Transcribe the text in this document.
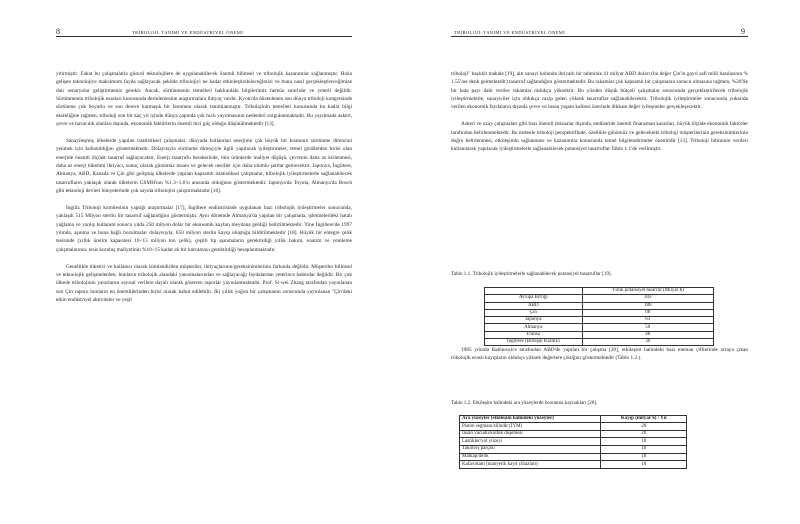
8	TRİBOLOJİ: TANIMI VE ENDÜSTRİYEL ÖNEMİ

yitirmiştir. Fakat bu çalışmalarla güncel teknolojilere de uygulanabilecek önemli bilimsel ve tribolojik kazanımlar sağlanmıştır. Hızla gelişen teknolojiye maksimum fayda sağlayacak şekilde tribolojiyi ne kadar etkinleştirebileceğimizi ve bunu nasıl gerçekleştireceğimize dair senaryolar geliştirmemiz gerekir. Ancak, sürtünmenin temelleri hakkındaki bilgilerimiz hemüz sınırlıdır ve yeterli değildir. Sürtünmenin tribolojik esasları konusunda derinlemesine araştırmalara ihtiyaç vardır. Kyoto'da düzenlenen son dünya triboloji kongresinde sürtünme çok boyutlu ve son derece karmaşık bir fenomen olarak tanımlanmıştır. Tribolojinin temelleri konusunda bu kadar bilgi eksikliğine rağmen, triboloji son bir kaç yıl içinde dünya çapında çok hızlı yayılmasının nedenleri sorgulanmaktadır. Bu yayılmada askeri, çevre ve havacılık alanları dışında, ekonomik faktörlerin önemli itici güç olduğu düşünülmektedir [13].

Sanayileşmiş ülkelerde yapılan istatistiksel çalışmalar, dünyada kullanılan enerjinin çok büyük bir kısmının sürtünme direncini yenmek için kullanıldığını göstermektedir. Dolayısıyla sürtünme dirençiyle ilgili yapılacak iyileştirmeler, temel girdilerden birisi olan enerjide önemli ölçüde tasarruf sağlayacaktır. Enerji tasarrufu beraberinde, tüm ürünlerde maliyet düşüşü, çevrenin daha az kirlenmesi, daha az enerji tüketimi ihtiyacı, sonuç olarak günümüz insanı ve gelecek nesiller için daha olumlu şartlar getirecektir. Japonya, İngiltere, Almanya, ABD, Kanada ve Çin gibi gelişmiş ülkelerde yapılan kapsamlı istatistiksel çalışmalar, tribolojik iyileştirmelerle sağlanabilecek tasarrufların yaklaşık olarak ülkelerin GSMH'nın %1.3÷1.6'sı arasında olduğunu göstermektedir. Japonya'da Toyota, Almanya'da Bosch gibi teknoloji devleri bünyelerinde çok sayıda tribolojist çalıştırmaktadır [16].

İngiliz Triboloji komitesinin yaptığı araştırmalar [17], İngiltere endüstrisinde uygulanan bazı tribolojik iyileştirmeler sonucunda, yaklaşık 515 Milyon sterlin bir tasarruf sağlandığını göstermiştir. Aynı dönemde Almanya'da yapılan bir çalışmada, işletmelerdeki hatalı yağlama ve yanlış kullanım sonucu yılda 250 milyon dolar bir ekonomik kaybın meydana geldiği belirtilmektedir. Yine İngiltere'de 1997 yılında, aşınma ve buna bağlı bozulmalar dolayısıyla, 650 milyon sterlin kayıp oluştuğu bildirilmektedir [18]. Büyük bir entegre çelik tesisinde (yıllık üretim kapasitesi 10÷15 milyon ton çelik), çeşitli tip aşınmaların gerektirdiği yıllık bakım, onarım ve yenileme çalışmalarının, tesis kuruluş maliyetinin %10÷15 kadar ek bir harcamayı gerektirdiği hesaplanmaktadır.

Genellikle tüketici ve kullanıcı olarak isimlendirilen müşteriler, ihtiyaçlarının/gereksinimlerinin farkında değildir. Müşteriler bilimsel ve teknolojik gelişmelerden, bunların tribolojik alandaki yansımalarından ve sağlayacağı faydalardan yeterince haberdar değildir. Bir çok ülkede tribolojinin yararlarını sayısal verilere dayalı olarak gösteren raporlar yayınlanmaktadır. Prof. Si-wei Zhang tarafından yayınlanan son Çin raporu bunların en önemlilerinden birisi olarak kabul edilebilir. İki yıllık yoğun bir çalışmanın sonucunda yayınlanan "Çin'deki etkin endüstriyel aktiviteler ve yeşil

TRİBOLOJİ: TANIMI VE ENDÜSTRİYEL ÖNEMİ	9

triboloji" başlıklı makale [19], altı sanayi kolunda ihtiyatlı bir tahminle 41 milyar ABD doları (bu değer Çin'in gayri safi milli hasılasının % 1.55'ine denk gelmektedir) tasarruf sağlandığını göstermektedir. Bu rakamlar çok kapsamlı bir çalışmanın sonucu olmasına rağmen, %20'lik bir hata payı dahi verilse rakamlar oldukça yüksektir. Bu yüzden düşük bütçeli çalışmalar sonucunda gerçekleştirilecek tribolojik iyileştirmelerle, sanayiciler için oldukça cazip gelen yüksek tasarruflar sağlanabilecektir. Tribolojik iyileştirmeler sonucunda yukarıda verilen ekonomik faydaların dışında çevre ve insan yaşam kalitesi üzerinde dikkate değer iyileşmeler gerçekleşecektir.

Askeri ve uzay çalışmaları gibi bazı önemli istisnalar dışında, endüstride önemli finansman kararları, büyük ölçüde ekonomik faktörler tarafından belirlenmektedir. Bu nedenle triboloji perspektifinde, özellikle günümüz ve gelecekteki triboloji müşterilerinin gereksinimlerinin doğru belirlenmesi, etkileşimin sağlanması ve kazanımlar konusunda temel bilgilendirmeler önemlidir [13]. Triboloji biliminin verileri kullanılarak yapılacak iyileştirmelerle sağlanabilecek potansiyel tasarruflar Tablo 1.1'de verilmiştir.

Tablo 1.1. Tribolojik iyileştirmelerle sağlanabilecek potansiyel tasarruflar [19].
	Yıllık potansiyel tasarruf (Milyar $)
Avrupa Birliği	303
ABD	186
Çin	68
Japonya	63
Almanya	50
Fransa	48
İngiltere (Birleşik Krallık)	36

1985 yılında Rabinowics tarafından ABD'de yapılan bir çalışma [20], etkileşim halindeki bazı eleman çiftlerinde ortaya çıkan tribolojik esaslı kayıpların oldukça yüksek değerlere çıktığını göstermektedir (Tablo 1.2.).

Tablo 1.2. Etkileşim halindeki ara yüzeylerde bozunma kaynakları [20].
Ara yüzeyler (etkileşim halindeki yüzeyler)	Kayıp (milyar $) / Yıl
Piston segmanı/silindir (İYM)	20
İnsan vücudu/koltuk döşemesi	20
Lastikler/yol yüzeyi	10
Takım/iş parçası	10
Matkap/delik	10
Kafa/ortam (manyetik kayıt cihazları)	10
